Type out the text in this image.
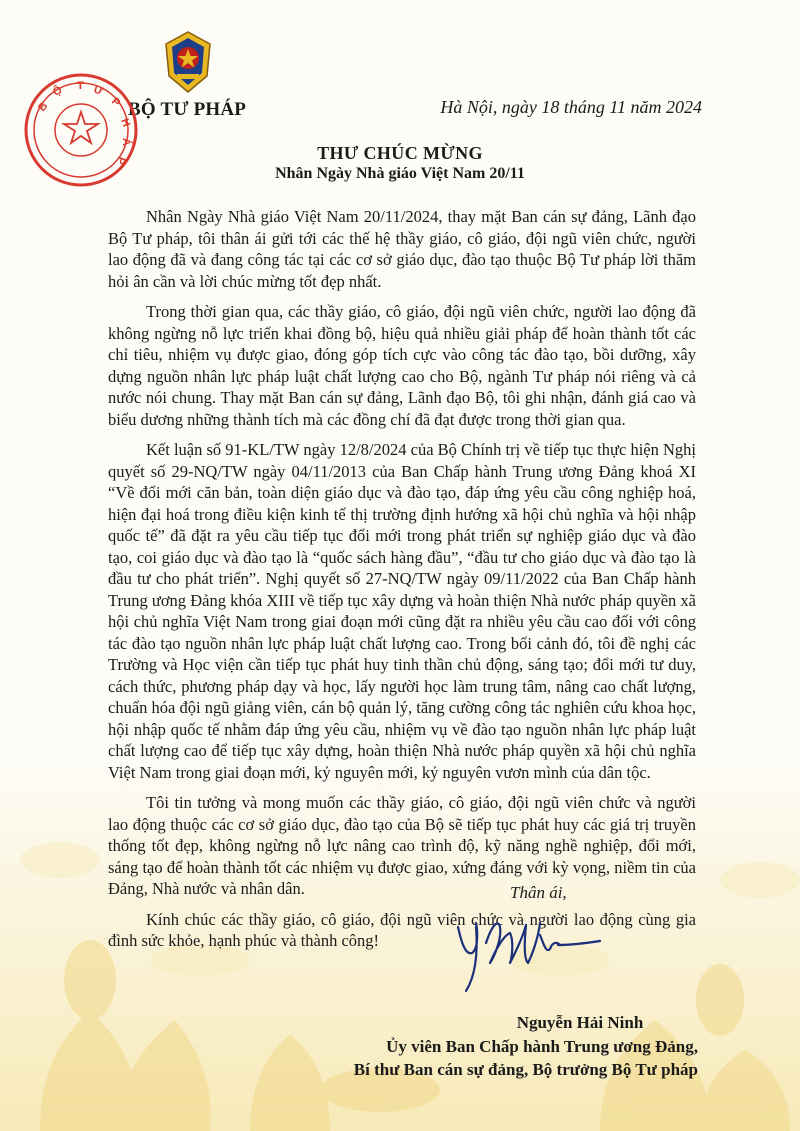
B
Ộ T Ư
P
H
Á
P
BỘ TƯ PHÁP	Hà Nội, ngày 18 tháng 11 năm 2024
THƯ CHÚC MỪNG
Nhân Ngày Nhà giáo Việt Nam 20/11

Nhân Ngày Nhà giáo Việt Nam 20/11/2024, thay mặt Ban cán sự đảng, Lãnh đạo Bộ Tư pháp, tôi thân ái gửi tới các thế hệ thầy giáo, cô giáo, đội ngũ viên chức, người lao động đã và đang công tác tại các cơ sở giáo dục, đào tạo thuộc Bộ Tư pháp lời thăm hỏi ân cần và lời chúc mừng tốt đẹp nhất.

Trong thời gian qua, các thầy giáo, cô giáo, đội ngũ viên chức, người lao động đã không ngừng nỗ lực triển khai đồng bộ, hiệu quả nhiều giải pháp để hoàn thành tốt các chỉ tiêu, nhiệm vụ được giao, đóng góp tích cực vào công tác đào tạo, bồi dưỡng, xây dựng nguồn nhân lực pháp luật chất lượng cao cho Bộ, ngành Tư pháp nói riêng và cả nước nói chung. Thay mặt Ban cán sự đảng, Lãnh đạo Bộ, tôi ghi nhận, đánh giá cao và biểu dương những thành tích mà các đồng chí đã đạt được trong thời gian qua.

Kết luận số 91-KL/TW ngày 12/8/2024 của Bộ Chính trị về tiếp tục thực hiện Nghị quyết số 29-NQ/TW ngày 04/11/2013 của Ban Chấp hành Trung ương Đảng khoá XI “Về đổi mới căn bản, toàn diện giáo dục và đào tạo, đáp ứng yêu cầu công nghiệp hoá, hiện đại hoá trong điều kiện kinh tế thị trường định hướng xã hội chủ nghĩa và hội nhập quốc tế” đã đặt ra yêu cầu tiếp tục đổi mới trong phát triển sự nghiệp giáo dục và đào tạo, coi giáo dục và đào tạo là “quốc sách hàng đầu”, “đầu tư cho giáo dục và đào tạo là đầu tư cho phát triển”. Nghị quyết số 27-NQ/TW ngày 09/11/2022 của Ban Chấp hành Trung ương Đảng khóa XIII về tiếp tục xây dựng và hoàn thiện Nhà nước pháp quyền xã hội chủ nghĩa Việt Nam trong giai đoạn mới cũng đặt ra nhiều yêu cầu cao đối với công tác đào tạo nguồn nhân lực pháp luật chất lượng cao. Trong bối cảnh đó, tôi đề nghị các Trường và Học viện cần tiếp tục phát huy tinh thần chủ động, sáng tạo; đổi mới tư duy, cách thức, phương pháp dạy và học, lấy người học làm trung tâm, nâng cao chất lượng, chuẩn hóa đội ngũ giảng viên, cán bộ quản lý, tăng cường công tác nghiên cứu khoa học, hội nhập quốc tế nhằm đáp ứng yêu cầu, nhiệm vụ về đào tạo nguồn nhân lực pháp luật chất lượng cao để tiếp tục xây dựng, hoàn thiện Nhà nước pháp quyền xã hội chủ nghĩa Việt Nam trong giai đoạn mới, kỷ nguyên mới, kỷ nguyên vươn mình của dân tộc.

Tôi tin tưởng và mong muốn các thầy giáo, cô giáo, đội ngũ viên chức và người lao động thuộc các cơ sở giáo dục, đào tạo của Bộ sẽ tiếp tục phát huy các giá trị truyền thống tốt đẹp, không ngừng nỗ lực nâng cao trình độ, kỹ năng nghề nghiệp, đổi mới, sáng tạo để hoàn thành tốt các nhiệm vụ được giao, xứng đáng với kỳ vọng, niềm tin của Đảng, Nhà nước và nhân dân.

Kính chúc các thầy giáo, cô giáo, đội ngũ viên chức và người lao động cùng gia đình sức khỏe, hạnh phúc và thành công!

Thân ái,
Nguyễn Hải Ninh
Ủy viên Ban Chấp hành Trung ương Đảng,
Bí thư Ban cán sự đảng, Bộ trưởng Bộ Tư pháp
